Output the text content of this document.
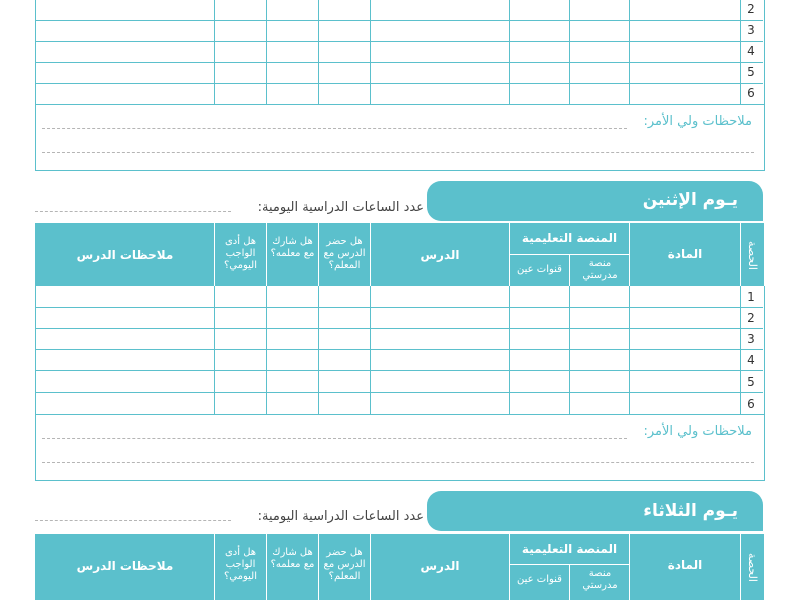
2
3
4
5
6
ملاحظات ولي الأمر:
يـوم الإثنين
عدد الساعات الدراسية اليومية:
الحصة
المادة
المنصة التعليمية
منصة مدرستي
قنوات عين
الدرس
هل حضر الدرس مع المعلم؟
هل شارك مع معلمه؟
هل أدى الواجب اليومي؟
ملاحظات الدرس
1
2
3
4
5
6
ملاحظات ولي الأمر:
يـوم الثلاثاء
عدد الساعات الدراسية اليومية:
الحصة
المادة
المنصة التعليمية
منصة مدرستي
قنوات عين
الدرس
هل حضر الدرس مع المعلم؟
هل شارك مع معلمه؟
هل أدى الواجب اليومي؟
ملاحظات الدرس
